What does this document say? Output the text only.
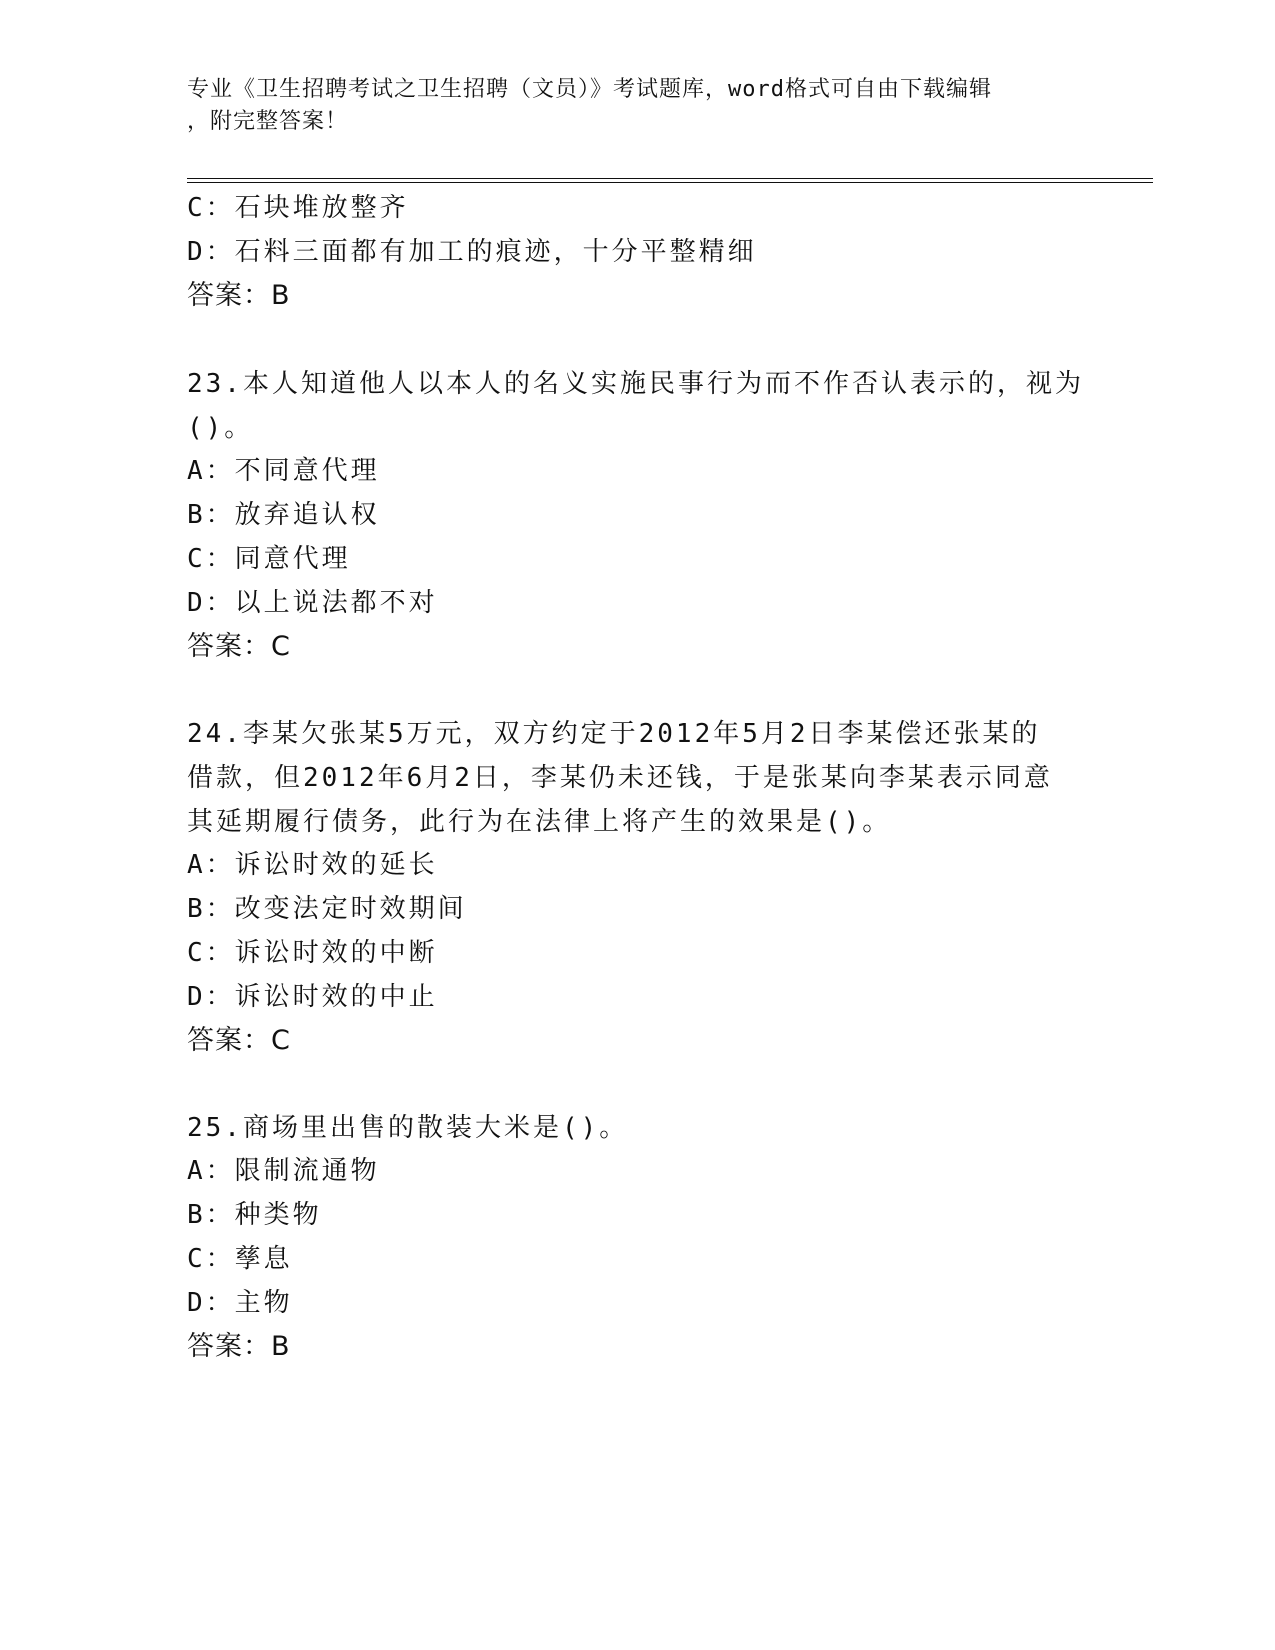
专业《卫生招聘考试之卫生招聘（文员）》考试题库，word格式可自由下载编辑
，附完整答案！
C：石块堆放整齐
D：石料三面都有加工的痕迹，十分平整精细
答案：B
23.本人知道他人以本人的名义实施民事行为而不作否认表示的，视为
()。
A：不同意代理
B：放弃追认权
C：同意代理
D：以上说法都不对
答案：C
24.李某欠张某5万元，双方约定于2012年5月2日李某偿还张某的
借款，但2012年6月2日，李某仍未还钱，于是张某向李某表示同意
其延期履行债务，此行为在法律上将产生的效果是()。
A：诉讼时效的延长
B：改变法定时效期间
C：诉讼时效的中断
D：诉讼时效的中止
答案：C
25.商场里出售的散装大米是()。
A：限制流通物
B：种类物
C：孳息
D：主物
答案：B
